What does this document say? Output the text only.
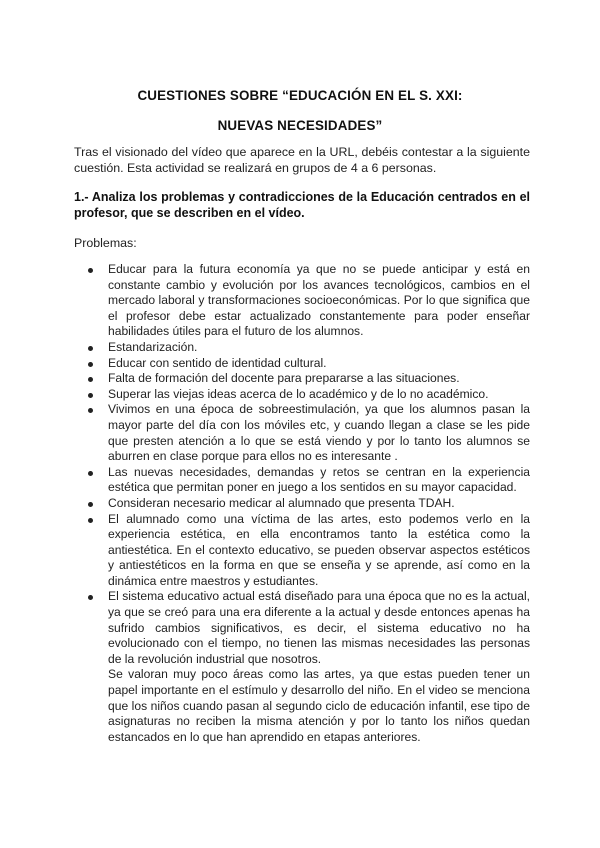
CUESTIONES SOBRE “EDUCACIÓN EN EL S. XXI:
NUEVAS NECESIDADES”

Tras el visionado del vídeo que aparece en la URL, debéis contestar a la siguiente cuestión. Esta actividad se realizará en grupos de 4 a 6 personas.

1.- Analiza los problemas y contradicciones de la Educación centrados en el profesor, que se describen en el vídeo.

Problemas:

Educar para la futura economía ya que no se puede anticipar y está en constante cambio y evolución por los avances tecnológicos, cambios en el mercado laboral y transformaciones socioeconómicas. Por lo que significa que el profesor debe estar actualizado constantemente para poder enseñar habilidades útiles para el futuro de los alumnos.

Estandarización.

Educar con sentido de identidad cultural.

Falta de formación del docente para prepararse a las situaciones.

Superar las viejas ideas acerca de lo académico y de lo no académico.

Vivimos en una época de sobreestimulación, ya que los alumnos pasan la mayor parte del día con los móviles etc, y cuando llegan a clase se les pide que presten atención a lo que se está viendo y por lo tanto los alumnos se aburren en clase porque para ellos no es interesante .

Las nuevas necesidades, demandas y retos se centran en la experiencia estética que permitan poner en juego a los sentidos en su mayor capacidad.

Consideran necesario medicar al alumnado que presenta TDAH.

El alumnado como una víctima de las artes, esto podemos verlo en la experiencia estética, en ella encontramos tanto la estética como la antiestética. En el contexto educativo, se pueden observar aspectos estéticos y antiestéticos en la forma en que se enseña y se aprende, así como en la dinámica entre maestros y estudiantes.

El sistema educativo actual está diseñado para una época que no es la actual, ya que se creó para una era diferente a la actual y desde entonces apenas ha sufrido cambios significativos, es decir, el sistema educativo no ha evolucionado con el tiempo, no tienen las mismas necesidades las personas de la revolución industrial que nosotros.

Se valoran muy poco áreas como las artes, ya que estas pueden tener un papel importante en el estímulo y desarrollo del niño. En el video se menciona que los niños cuando pasan al segundo ciclo de educación infantil, ese tipo de asignaturas no reciben la misma atención y por lo tanto los niños quedan estancados en lo que han aprendido en etapas anteriores.
